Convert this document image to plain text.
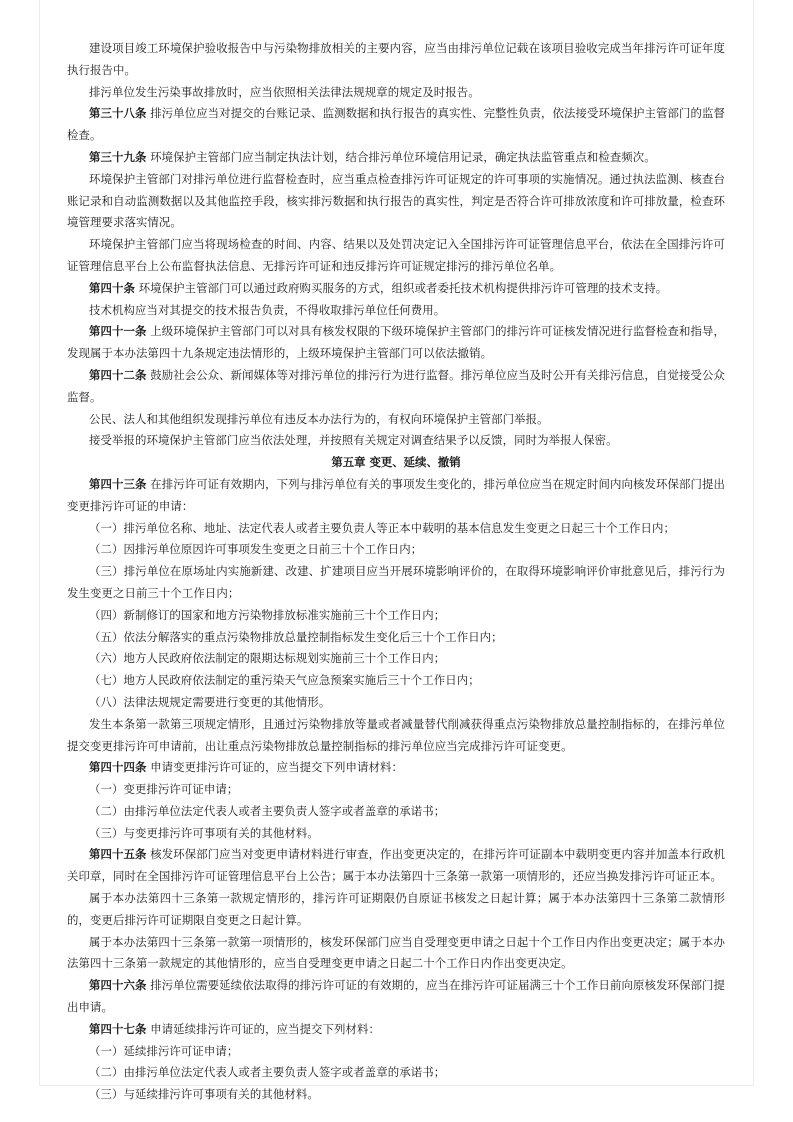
建设项目竣工环境保护验收报告中与污染物排放相关的主要内容，应当由排污单位记载在该项目验收完成当年排污许可证年度执行报告中。

排污单位发生污染事故排放时，应当依照相关法律法规规章的规定及时报告。

第三十八条 排污单位应当对提交的台账记录、监测数据和执行报告的真实性、完整性负责，依法接受环境保护主管部门的监督检查。

第三十九条 环境保护主管部门应当制定执法计划，结合排污单位环境信用记录，确定执法监管重点和检查频次。

环境保护主管部门对排污单位进行监督检查时，应当重点检查排污许可证规定的许可事项的实施情况。通过执法监测、核查台账记录和自动监测数据以及其他监控手段，核实排污数据和执行报告的真实性，判定是否符合许可排放浓度和许可排放量，检查环境管理要求落实情况。

环境保护主管部门应当将现场检查的时间、内容、结果以及处罚决定记入全国排污许可证管理信息平台，依法在全国排污许可证管理信息平台上公布监督执法信息、无排污许可证和违反排污许可证规定排污的排污单位名单。

第四十条 环境保护主管部门可以通过政府购买服务的方式，组织或者委托技术机构提供排污许可管理的技术支持。

技术机构应当对其提交的技术报告负责，不得收取排污单位任何费用。

第四十一条 上级环境保护主管部门可以对具有核发权限的下级环境保护主管部门的排污许可证核发情况进行监督检查和指导，发现属于本办法第四十九条规定违法情形的，上级环境保护主管部门可以依法撤销。

第四十二条 鼓励社会公众、新闻媒体等对排污单位的排污行为进行监督。排污单位应当及时公开有关排污信息，自觉接受公众监督。

公民、法人和其他组织发现排污单位有违反本办法行为的，有权向环境保护主管部门举报。

接受举报的环境保护主管部门应当依法处理，并按照有关规定对调查结果予以反馈，同时为举报人保密。

第五章 变更、延续、撤销

第四十三条 在排污许可证有效期内，下列与排污单位有关的事项发生变化的，排污单位应当在规定时间内向核发环保部门提出变更排污许可证的申请：

（一）排污单位名称、地址、法定代表人或者主要负责人等正本中载明的基本信息发生变更之日起三十个工作日内；

（二）因排污单位原因许可事项发生变更之日前三十个工作日内；

（三）排污单位在原场址内实施新建、改建、扩建项目应当开展环境影响评价的，在取得环境影响评价审批意见后，排污行为发生变更之日前三十个工作日内；

（四）新制修订的国家和地方污染物排放标准实施前三十个工作日内；

（五）依法分解落实的重点污染物排放总量控制指标发生变化后三十个工作日内；

（六）地方人民政府依法制定的限期达标规划实施前三十个工作日内；

（七）地方人民政府依法制定的重污染天气应急预案实施后三十个工作日内；

（八）法律法规规定需要进行变更的其他情形。

发生本条第一款第三项规定情形，且通过污染物排放等量或者减量替代削减获得重点污染物排放总量控制指标的，在排污单位提交变更排污许可申请前，出让重点污染物排放总量控制指标的排污单位应当完成排污许可证变更。

第四十四条 申请变更排污许可证的，应当提交下列申请材料：

（一）变更排污许可证申请；

（二）由排污单位法定代表人或者主要负责人签字或者盖章的承诺书；

（三）与变更排污许可事项有关的其他材料。

第四十五条 核发环保部门应当对变更申请材料进行审查，作出变更决定的，在排污许可证副本中载明变更内容并加盖本行政机关印章，同时在全国排污许可证管理信息平台上公告；属于本办法第四十三条第一款第一项情形的，还应当换发排污许可证正本。

属于本办法第四十三条第一款规定情形的，排污许可证期限仍自原证书核发之日起计算；属于本办法第四十三条第二款情形的，变更后排污许可证期限自变更之日起计算。

属于本办法第四十三条第一款第一项情形的，核发环保部门应当自受理变更申请之日起十个工作日内作出变更决定；属于本办法第四十三条第一款规定的其他情形的，应当自受理变更申请之日起二十个工作日内作出变更决定。

第四十六条 排污单位需要延续依法取得的排污许可证的有效期的，应当在排污许可证届满三十个工作日前向原核发环保部门提出申请。

第四十七条 申请延续排污许可证的，应当提交下列材料：

（一）延续排污许可证申请；

（二）由排污单位法定代表人或者主要负责人签字或者盖章的承诺书；

（三）与延续排污许可事项有关的其他材料。
